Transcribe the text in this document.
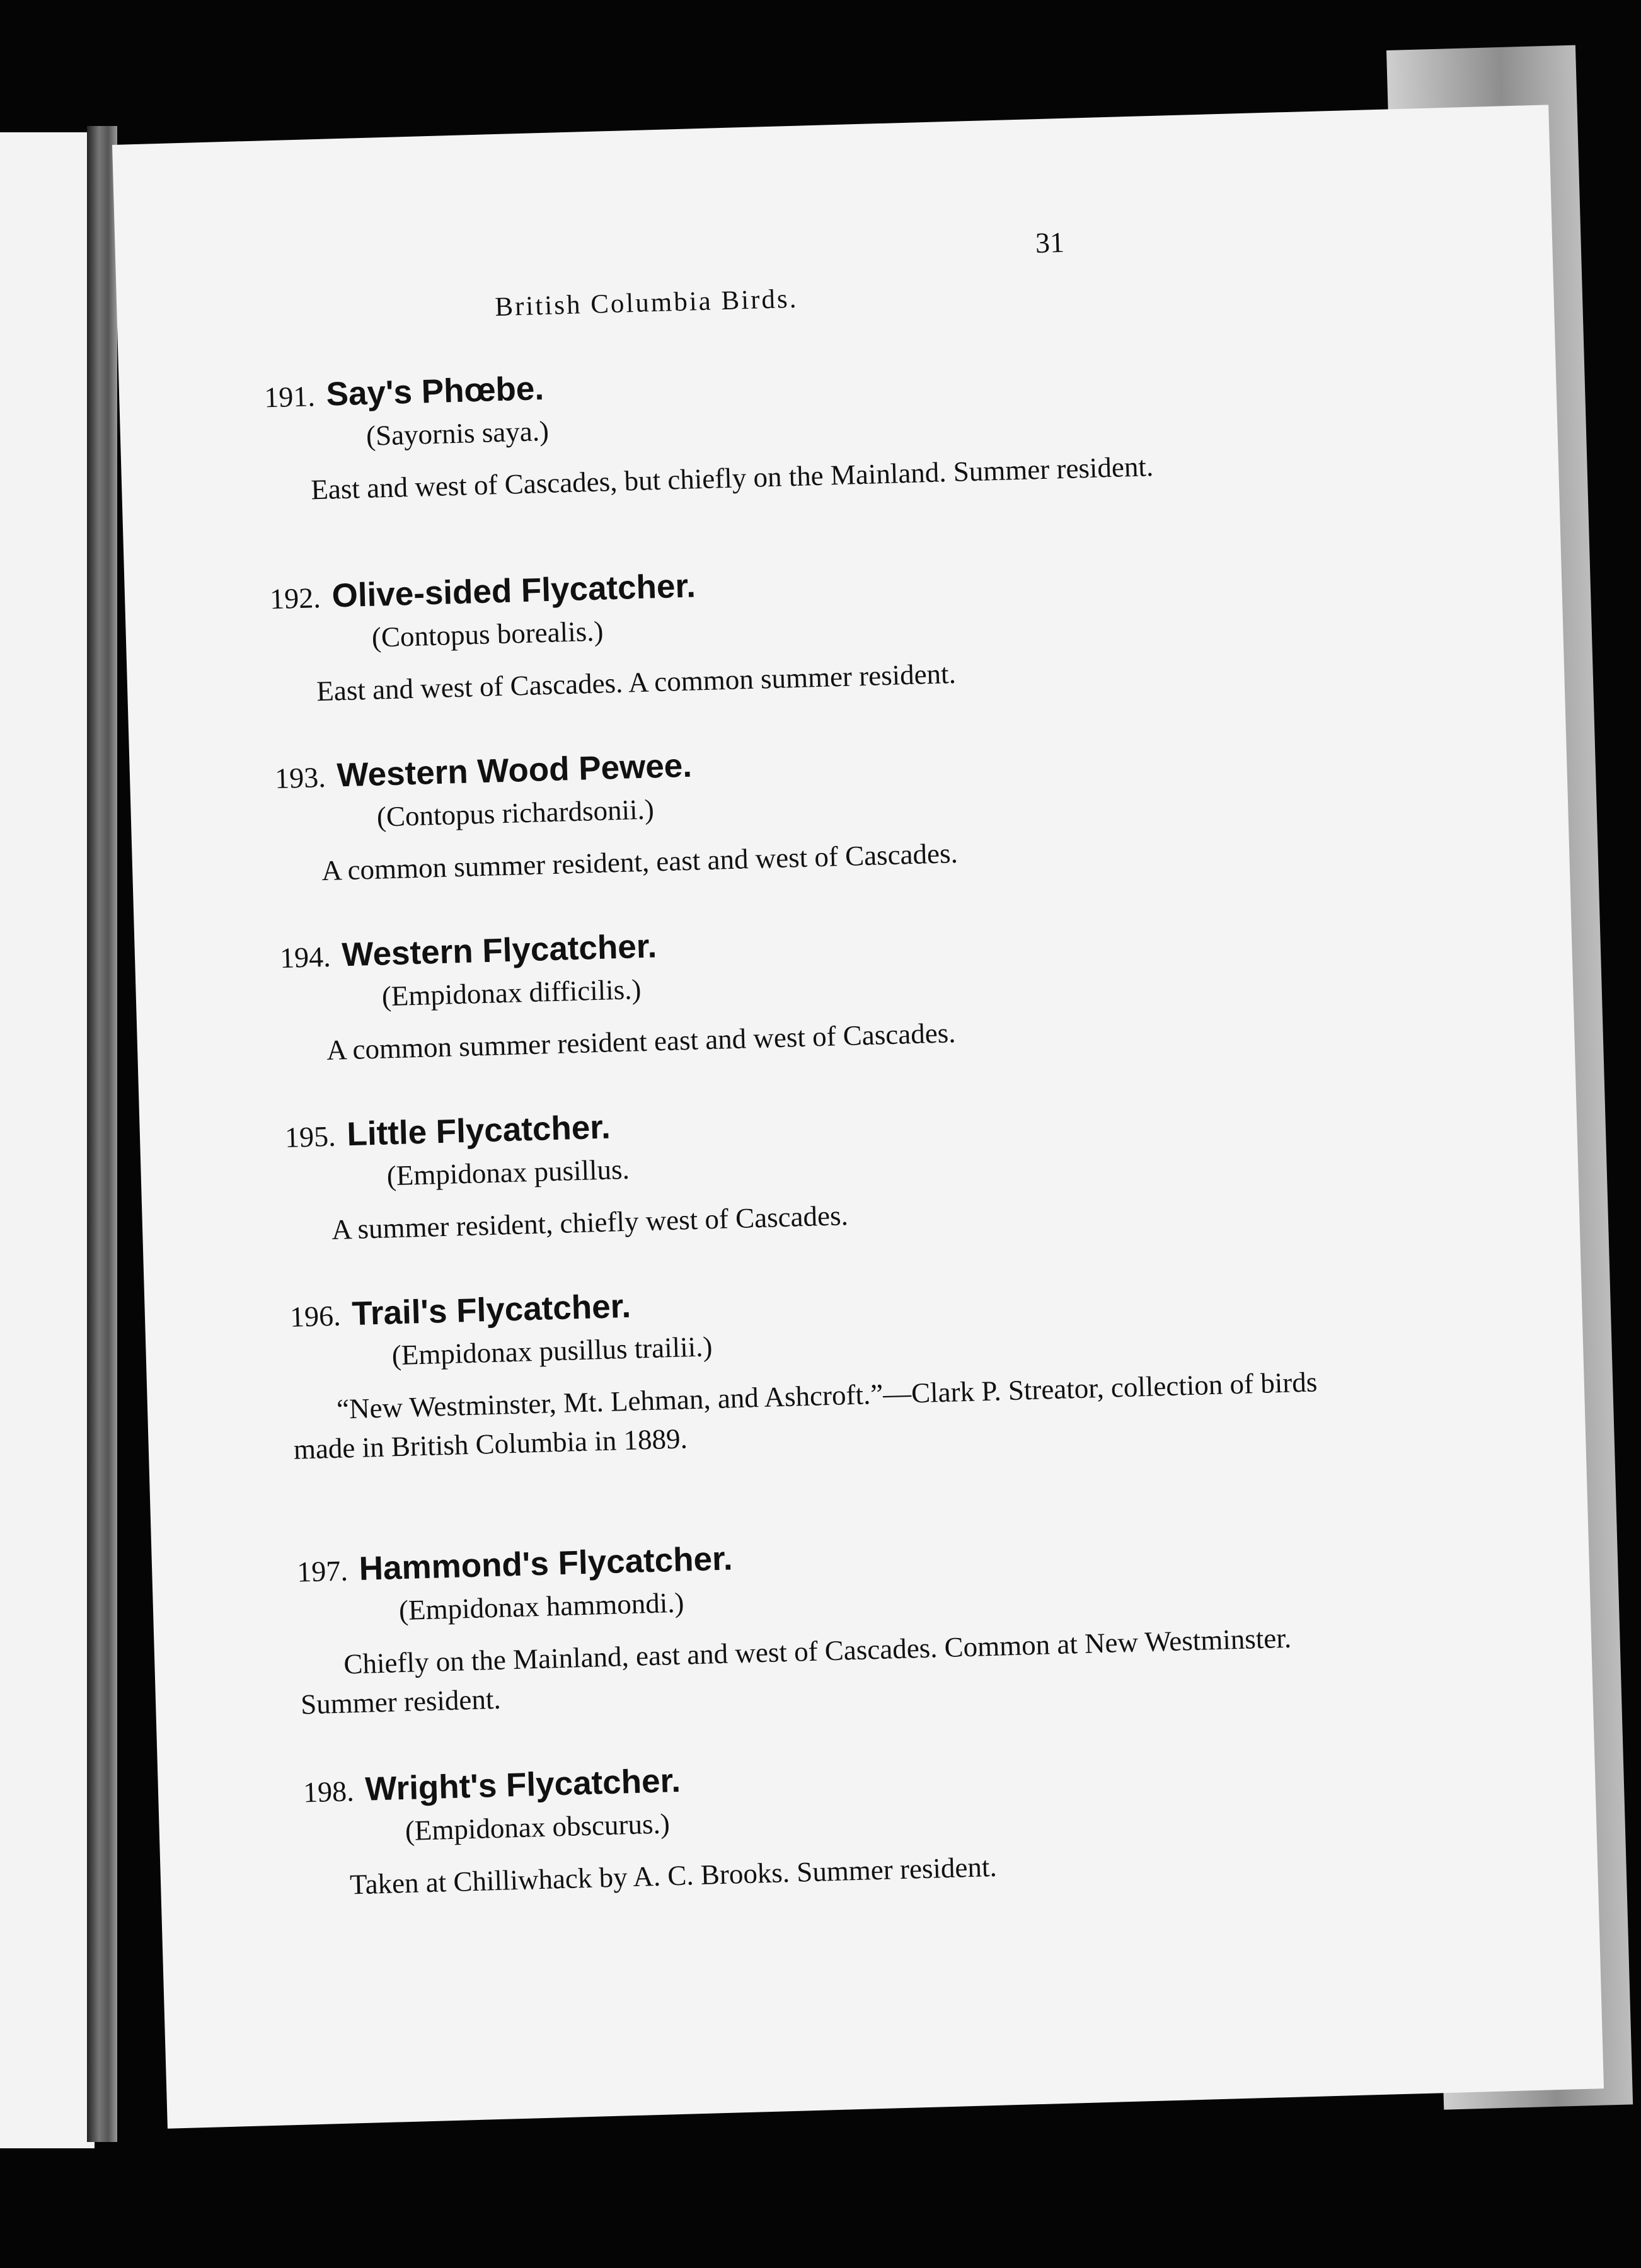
British Columbia Birds.
31
191. Say's Phœbe.
(Sayornis saya.)

East and west of Cascades, but chiefly on the Mainland. Summer resident.

192. Olive-sided Flycatcher.
(Contopus borealis.)

East and west of Cascades. A common summer resident.

193. Western Wood Pewee.
(Contopus richardsonii.)

A common summer resident, east and west of Cascades.

194. Western Flycatcher.
(Empidonax difficilis.)

A common summer resident east and west of Cascades.

195. Little Flycatcher.
(Empidonax pusillus.

A summer resident, chiefly west of Cascades.

196. Trail's Flycatcher.
(Empidonax pusillus trailii.)

“New Westminster, Mt. Lehman, and Ashcroft.”—Clark P. Streator, collection of birds made in British Columbia in 1889.

197. Hammond's Flycatcher.
(Empidonax hammondi.)

Chiefly on the Mainland, east and west of Cascades. Common at New Westminster. Summer resident.

198. Wright's Flycatcher.
(Empidonax obscurus.)

Taken at Chilliwhack by A. C. Brooks. Summer resident.
